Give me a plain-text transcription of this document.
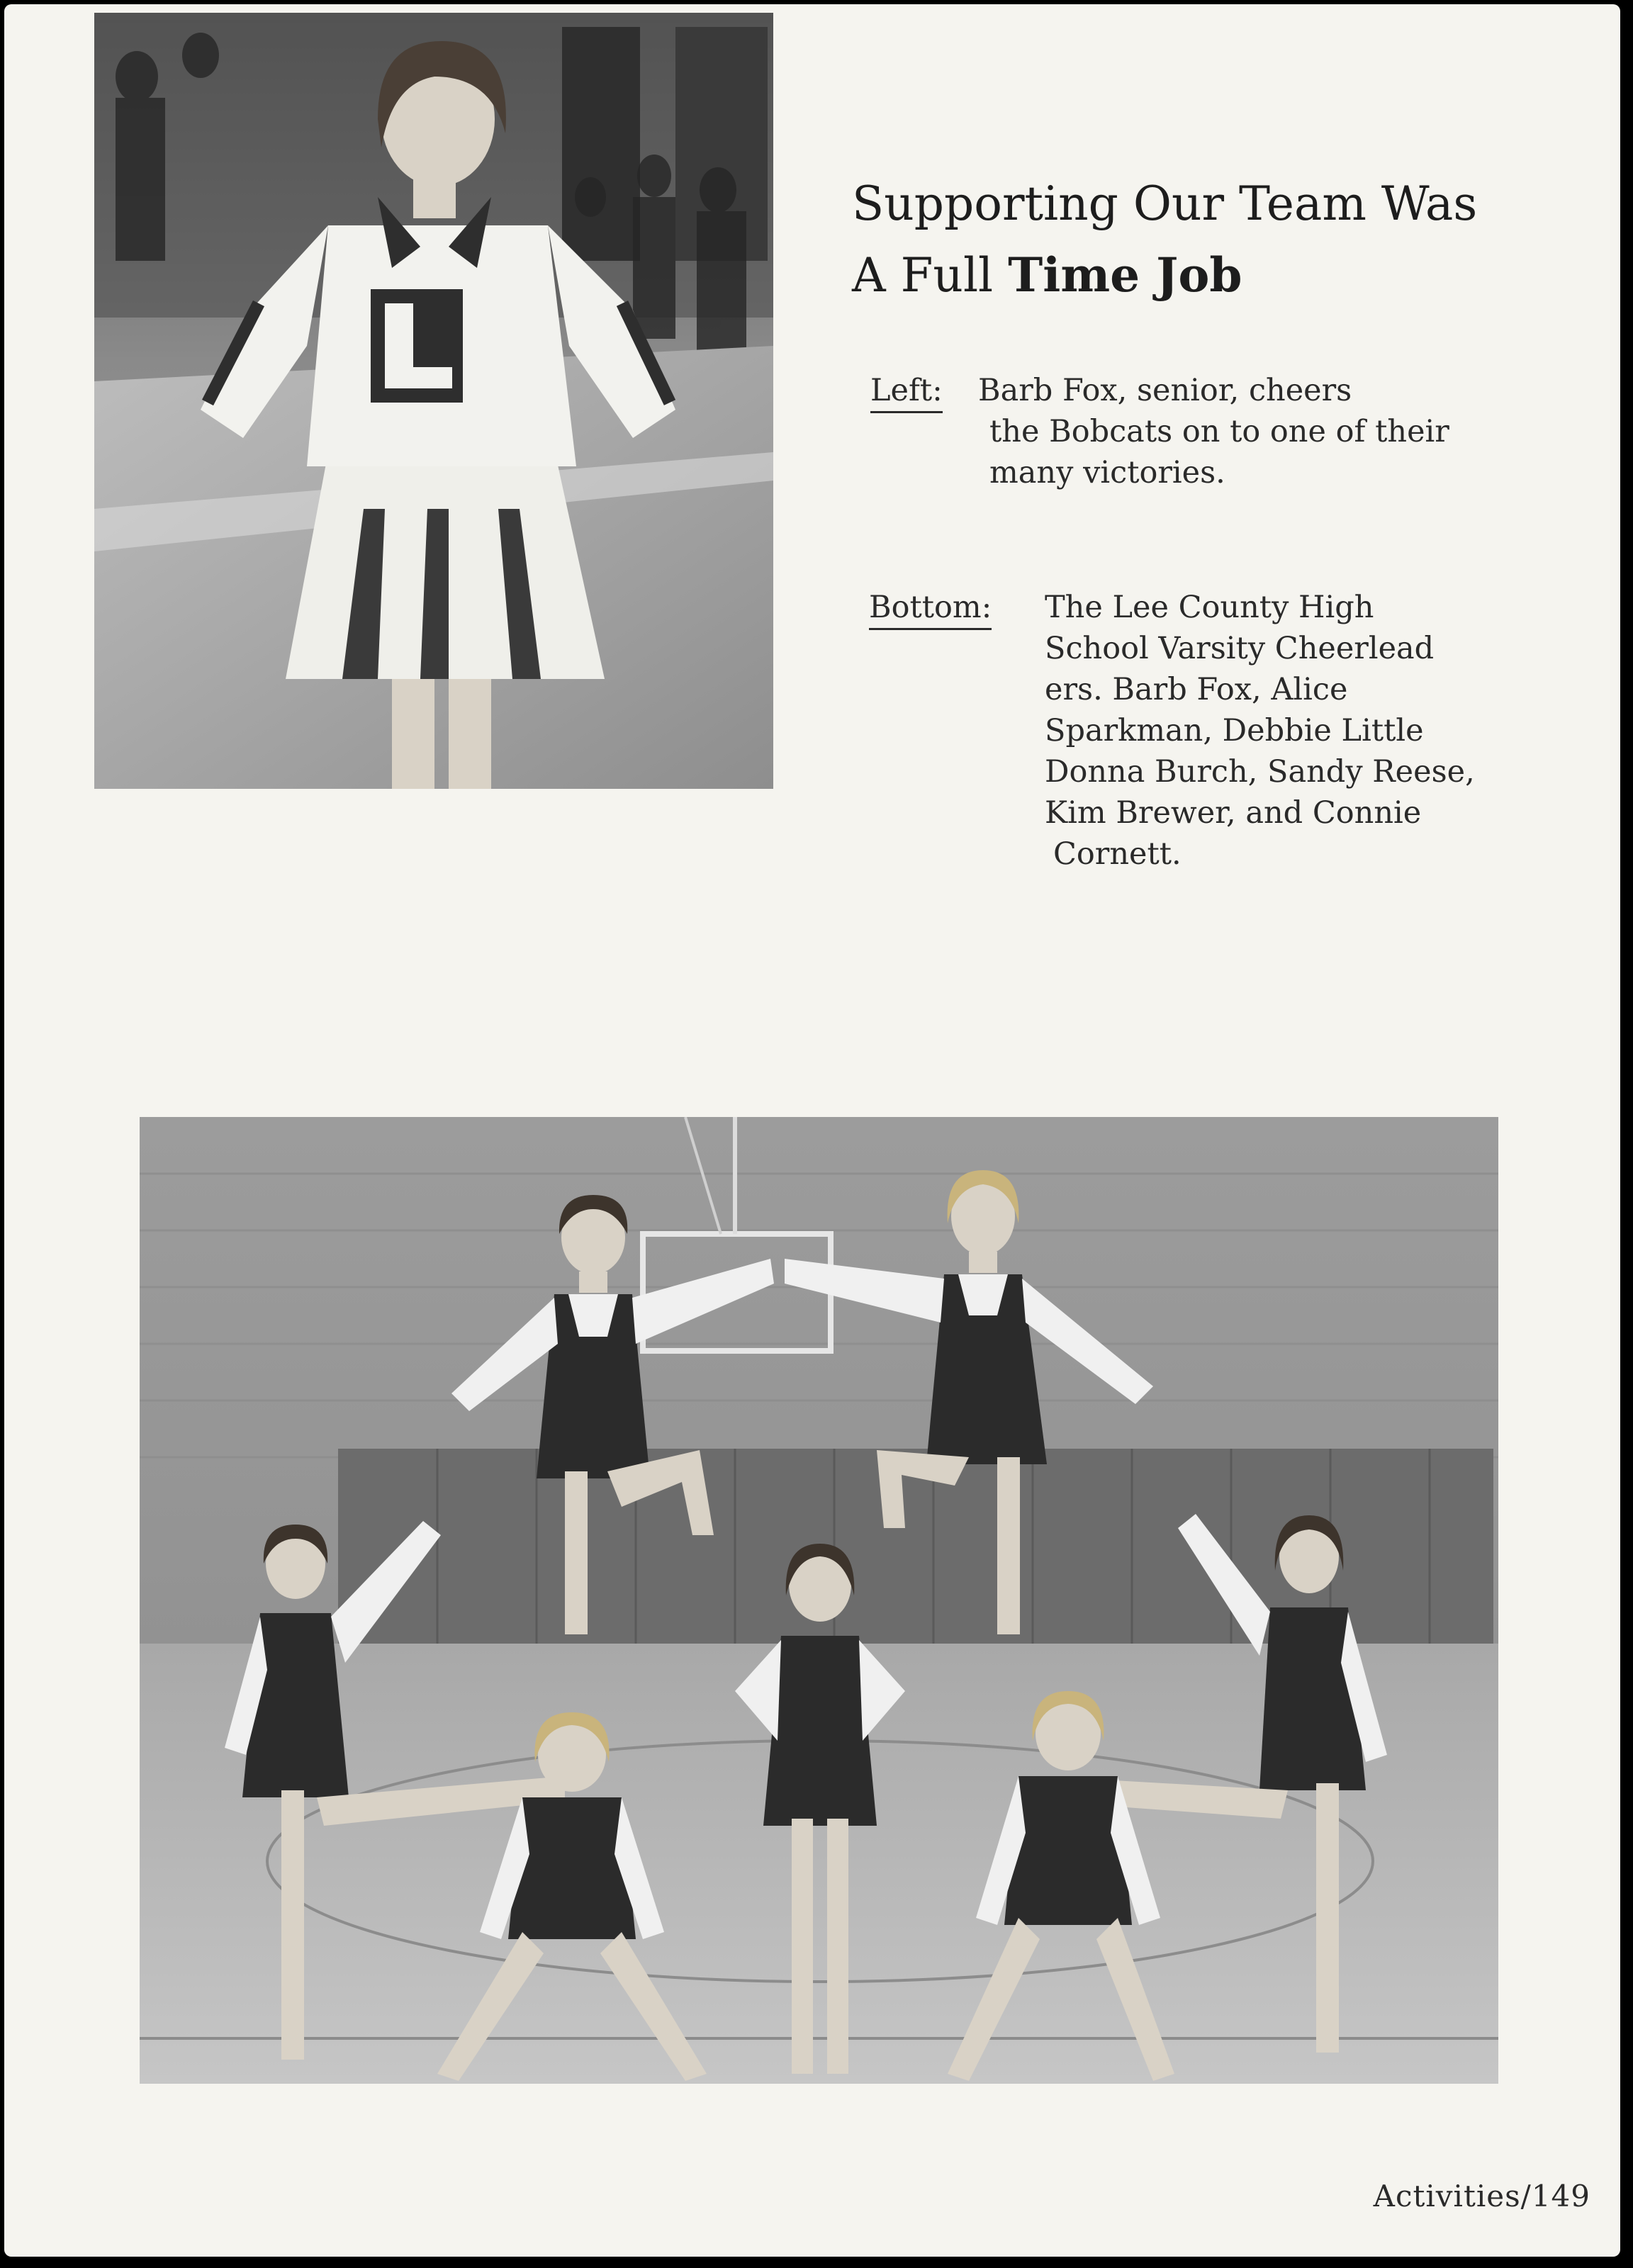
Supporting Our Team Was
A Full Time Job
Left: Barb Fox, senior, cheers
the Bobcats on to one of their
many victories.
Bottom: The Lee County High
School Varsity Cheerlead
ers. Barb Fox, Alice
Sparkman, Debbie Little
Donna Burch, Sandy Reese,
Kim Brewer, and Connie
Cornett.
Activities/149
